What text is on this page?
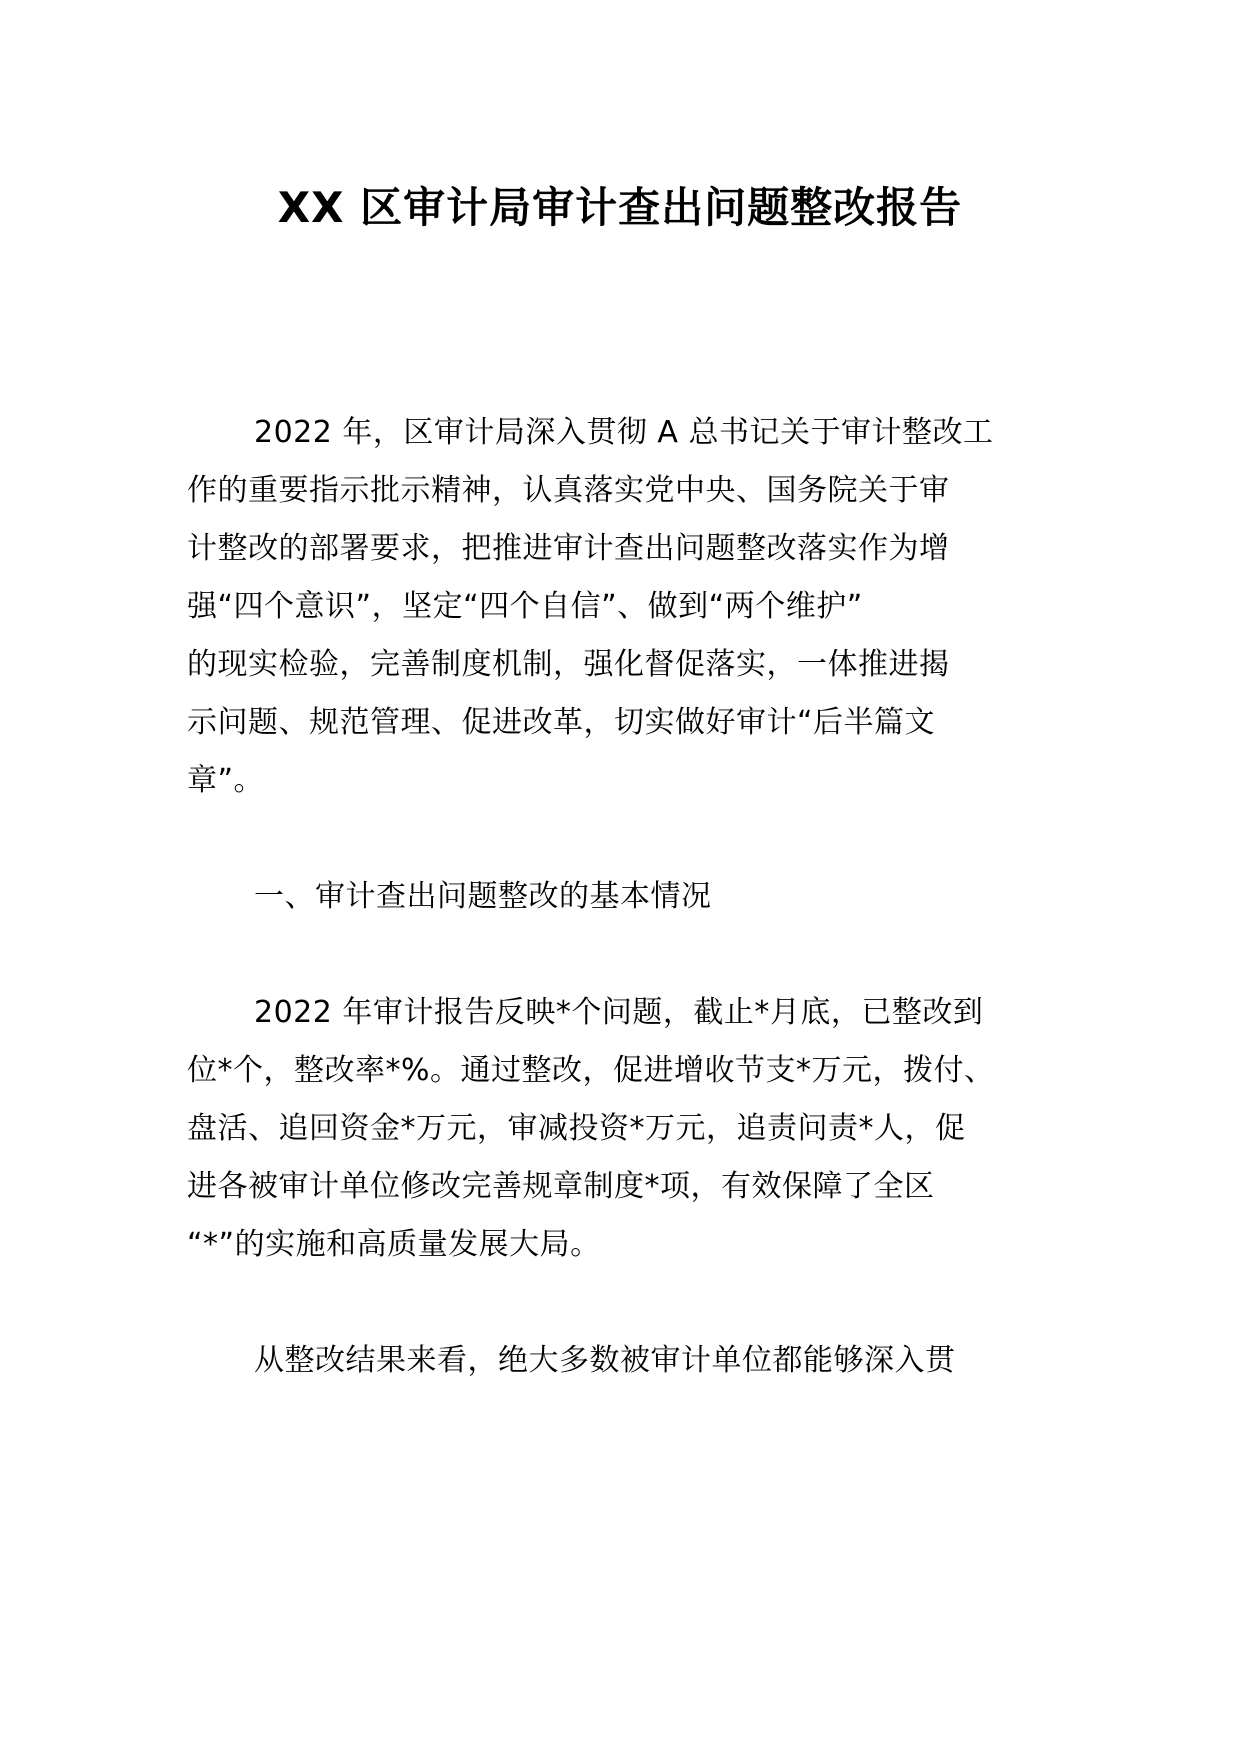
XX 区审计局审计查出问题整改报告
2022 年，区审计局深入贯彻 A 总书记关于审计整改工
作的重要指示批示精神，认真落实党中央、国务院关于审
计整改的部署要求，把推进审计查出问题整改落实作为增
强“四个意识”，坚定“四个自信”、做到“两个维护”
的现实检验，完善制度机制，强化督促落实，一体推进揭
示问题、规范管理、促进改革，切实做好审计“后半篇文
章”。
一、审计查出问题整改的基本情况
2022 年审计报告反映*个问题，截止*月底，已整改到
位*个，整改率*%。通过整改，促进增收节支*万元，拨付、
盘活、追回资金*万元，审减投资*万元，追责问责*人，促
进各被审计单位修改完善规章制度*项，有效保障了全区
“*”的实施和高质量发展大局。
从整改结果来看，绝大多数被审计单位都能够深入贯
